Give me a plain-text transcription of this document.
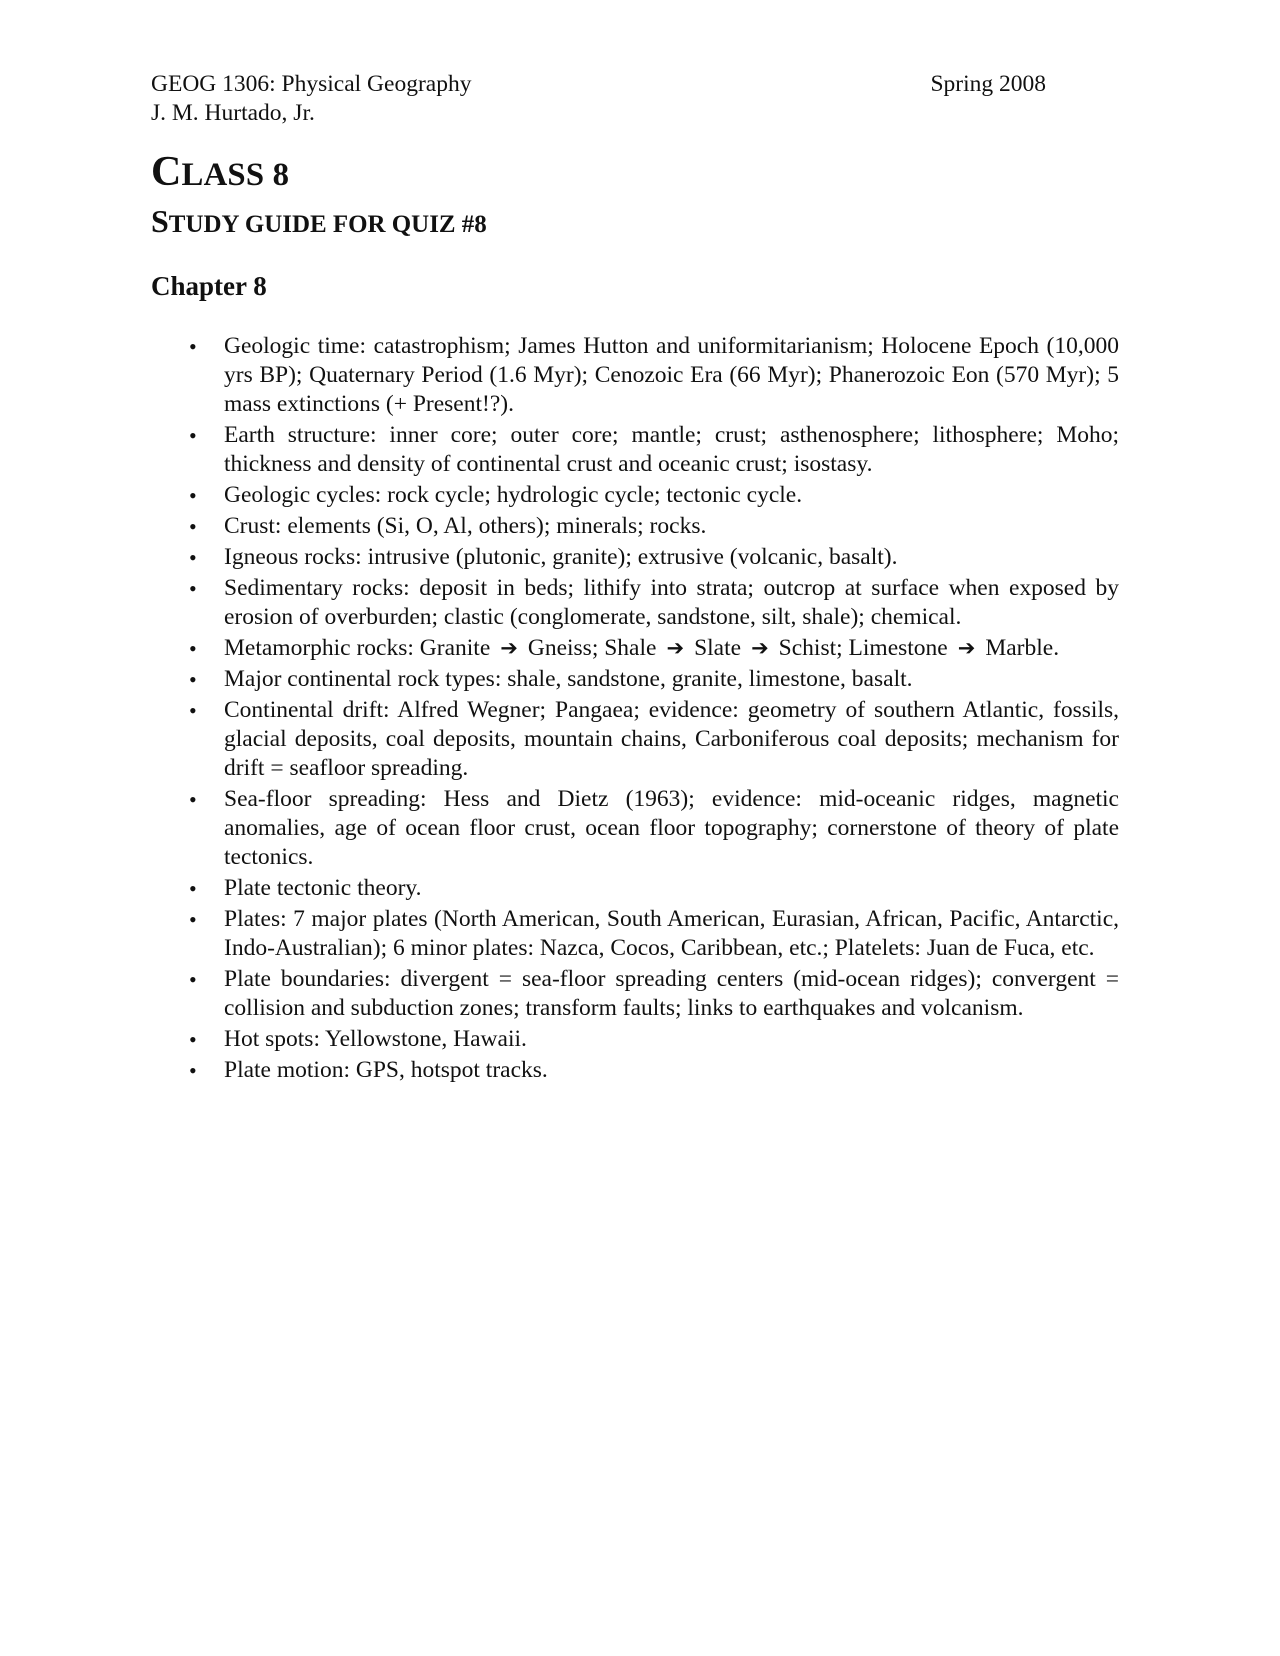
GEOG 1306: Physical Geography	Spring 2008
J. M. Hurtado, Jr.
CLASS 8
STUDY GUIDE FOR QUIZ #8
Chapter 8
• Geologic time: catastrophism; James Hutton and uniformitarianism; Holocene Epoch (10,000 yrs BP); Quaternary Period (1.6 Myr); Cenozoic Era (66 Myr); Phanerozoic Eon (570 Myr); 5 mass extinctions (+ Present!?).
• Earth structure: inner core; outer core; mantle; crust; asthenosphere; lithosphere; Moho; thickness and density of continental crust and oceanic crust; isostasy.
• Geologic cycles: rock cycle; hydrologic cycle; tectonic cycle.
• Crust: elements (Si, O, Al, others); minerals; rocks.
• Igneous rocks: intrusive (plutonic, granite); extrusive (volcanic, basalt).
• Sedimentary rocks: deposit in beds; lithify into strata; outcrop at surface when exposed by erosion of overburden; clastic (conglomerate, sandstone, silt, shale); chemical.
• Metamorphic rocks: Granite ➔ Gneiss; Shale ➔ Slate ➔ Schist; Limestone ➔ Marble.
• Major continental rock types: shale, sandstone, granite, limestone, basalt.
• Continental drift: Alfred Wegner; Pangaea; evidence: geometry of southern Atlantic, fossils, glacial deposits, coal deposits, mountain chains, Carboniferous coal deposits; mechanism for drift = seafloor spreading.
• Sea-floor spreading: Hess and Dietz (1963); evidence: mid-oceanic ridges, magnetic anomalies, age of ocean floor crust, ocean floor topography; cornerstone of theory of plate tectonics.
• Plate tectonic theory.
• Plates: 7 major plates (North American, South American, Eurasian, African, Pacific, Antarctic, Indo-Australian); 6 minor plates: Nazca, Cocos, Caribbean, etc.; Platelets: Juan de Fuca, etc.
• Plate boundaries: divergent = sea-floor spreading centers (mid-ocean ridges); convergent = collision and subduction zones; transform faults; links to earthquakes and volcanism.
• Hot spots: Yellowstone, Hawaii.
• Plate motion: GPS, hotspot tracks.
